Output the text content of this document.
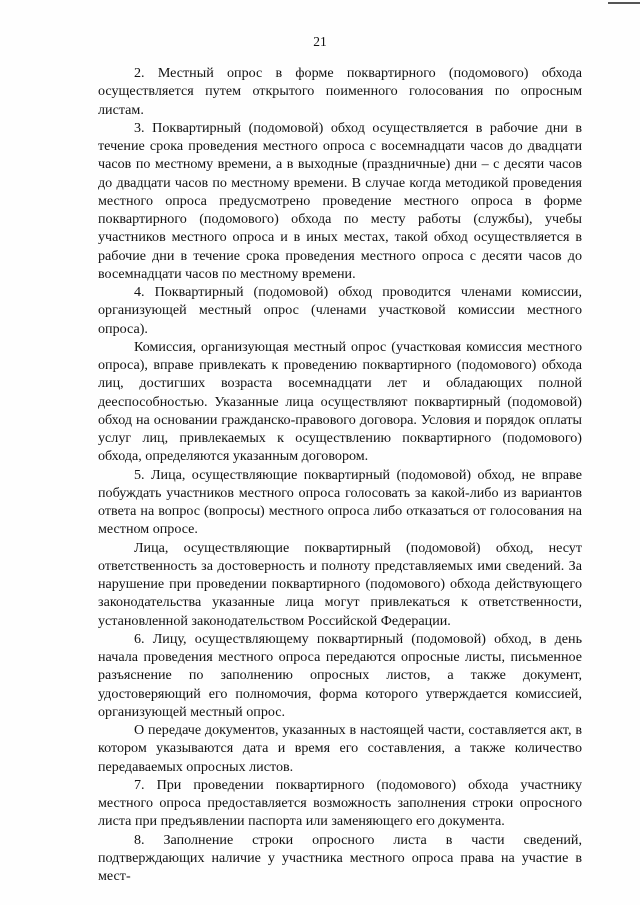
21

2. Местный опрос в форме поквартирного (подомового) обхода осуществляется путем открытого поименного голосования по опросным листам.

3. Поквартирный (подомовой) обход осуществляется в рабочие дни в течение срока проведения местного опроса с восемнадцати часов до двадцати часов по местному времени, а в выходные (праздничные) дни – с десяти часов до двадцати часов по местному времени. В случае когда методикой проведения местного опроса предусмотрено проведение местного опроса в форме поквартирного (подомового) обхода по месту работы (службы), учебы участников местного опроса и в иных местах, такой обход осуществляется в рабочие дни в течение срока проведения местного опроса с десяти часов до восемнадцати часов по местному времени.

4. Поквартирный (подомовой) обход проводится членами комиссии, организующей местный опрос (членами участковой комиссии местного опроса).

Комиссия, организующая местный опрос (участковая комиссия местного опроса), вправе привлекать к проведению поквартирного (подомового) обхода лиц, достигших возраста восемнадцати лет и обладающих полной дееспособностью. Указанные лица осуществляют поквартирный (подомовой) обход на основании гражданско-правового договора. Условия и порядок оплаты услуг лиц, привлекаемых к осуществлению поквартирного (подомового) обхода, определяются указанным договором.

5. Лица, осуществляющие поквартирный (подомовой) обход, не вправе побуждать участников местного опроса голосовать за какой-либо из вариантов ответа на вопрос (вопросы) местного опроса либо отказаться от голосования на местном опросе.

Лица, осуществляющие поквартирный (подомовой) обход, несут ответственность за достоверность и полноту представляемых ими сведений. За нарушение при проведении поквартирного (подомового) обхода действующего законодательства указанные лица могут привлекаться к ответственности, установленной законодательством Российской Федерации.

6. Лицу, осуществляющему поквартирный (подомовой) обход, в день начала проведения местного опроса передаются опросные листы, письменное разъяснение по заполнению опросных листов, а также документ, удостоверяющий его полномочия, форма которого утверждается комиссией, организующей местный опрос.

О передаче документов, указанных в настоящей части, составляется акт, в котором указываются дата и время его составления, а также количество передаваемых опросных листов.

7. При проведении поквартирного (подомового) обхода участнику местного опроса предоставляется возможность заполнения строки опросного листа при предъявлении паспорта или заменяющего его документа.

8. Заполнение строки опросного листа в части сведений, подтверждающих наличие у участника местного опроса права на участие в мест-
